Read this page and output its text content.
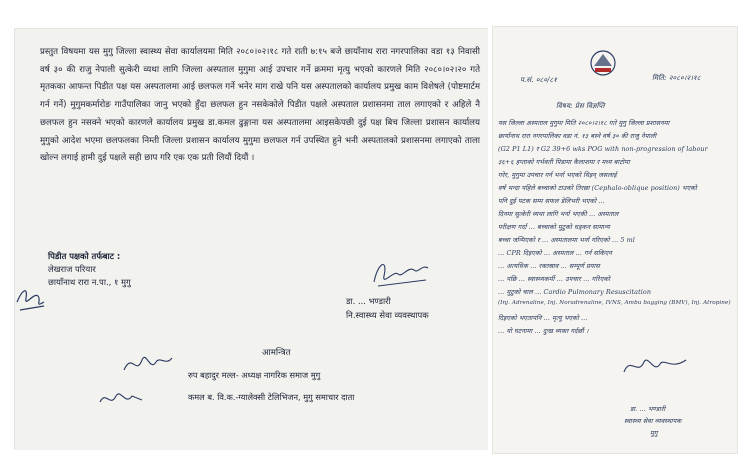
प्रस्तुत विषयमा यस मुगु जिल्ला स्वास्थ्य सेवा कार्यालयमा मिति २०८०।०२।१८ गते राती ७:१५ बजे छायाँनाथ रारा नगरपालिका वडा १३ निवासी वर्ष ३० की राजु नेपाली सुत्केरी व्यथा लागि जिल्ला अस्पताल मुगुमा आई उपचार गर्ने क्रममा मृत्यु भएको कारणले मिति २०८०।०२।२० गते मृतकका आफन्त पिडीत पक्ष यस अस्पतालमा आई छलफल गर्ने भनेर माग राखे पनि यस अस्पतालको कार्यालय प्रमुख काम विशेषले (पोष्टमार्टम गर्न गर्ने) मुगुमकर्मारोङ गाउँपालिका जानु भएको हुँदा छलफल हुन नसकेकोले पिडीत पक्षले अस्पताल प्रशासनमा ताल लगाएको र अहिले नै छलफल हुन नसक्ने भएको कारणले कार्यालय प्रमुख डा.कमल ढुङ्गाना यस अस्पतालमा आइसकेपछी दुई पक्ष बिच जिल्ला प्रशासन कार्यालय मुगुको आदेश भएमा छलफलका निम्ती जिल्ला प्रशासन कार्यालय मुगुमा छलफल गर्न उपस्थित हुने भनी अस्पतालको प्रशासनमा लगाएको ताला खोल्न लगाई हामी दुई पक्षले सही छाप गरि एक एक प्रती लियौं दियौं ।

पिडीत पक्षको तर्फबाट :
लेखराज परियार
छायाँनाथ रारा न.पा., १ मुगु
डा. ... भण्डारी
नि.स्वास्थ्य सेवा व्यवस्थापक
आमन्त्रित
रुप बहादुर मल्ल- अध्यक्ष नागरिक समाज मुगु
कमल ब. वि.क.-ग्यालेक्सी टेलिभिजन, मुगु समाचार दाता
प.सं. ०८०/८१	मिति: २०८०।२।१८
विषय: प्रेस विज्ञप्ति
यस जिल्ला अस्पताल मुगुमा मिति २०८०।२।१८ गते मुगु जिल्ला प्रशासनमा
छायाँनाथ रारा नगरपालिका वडा नं. १३ बस्ने वर्ष ३० की राजु नेपाली
(G2 P1 L1) र G2 39+6 wks POG with non-progression of labour
३६+६ हप्ताको गर्भवती पिडामा कैलाशमा र मध्य बाटोमा
गरेर, मुगुमा उपचार गर्न भर्ना भएको थिइन् जसलाई
वर्ष भन्दा पहिले बच्चाको टाउको तिरछा (Cephalo-oblique position) भएको
पनि दुई पटक सम्म सफल डेलिभरी भएको ...
दिनमा सुत्केरी व्यथा लागि भर्ना भएकी ... अस्पताल
परीक्षण गर्दा ... बच्चाको मुटुको धड्कन सामान्य
बच्चा जन्मिएको र ... अस्पतालमा भर्ना गरिएको ... 5 ml
... CPR दिइएको ... अस्पताल ... गर्न सकिएन
... अत्यधिक ... रक्तस्राव ... सम्पूर्ण प्रयास
... पछि ... स्वास्थ्यकर्मी ... उपचार ... गरिएको
... मुटुको चाल ... Cardio Pulmonary Resuscitation
(Inj. Adrenaline, Inj. Noradrenaline, IVNS, Ambu bagging (BMV), Inj. Atropine)
दिइएको भएतापनि ... मृत्यु भएको ...
... यो घटनामा ... दुःख व्यक्त गर्दछौं ।
डा. ... भण्डारी
स्वास्थ्य सेवा व्यवस्थापक
मुगु
